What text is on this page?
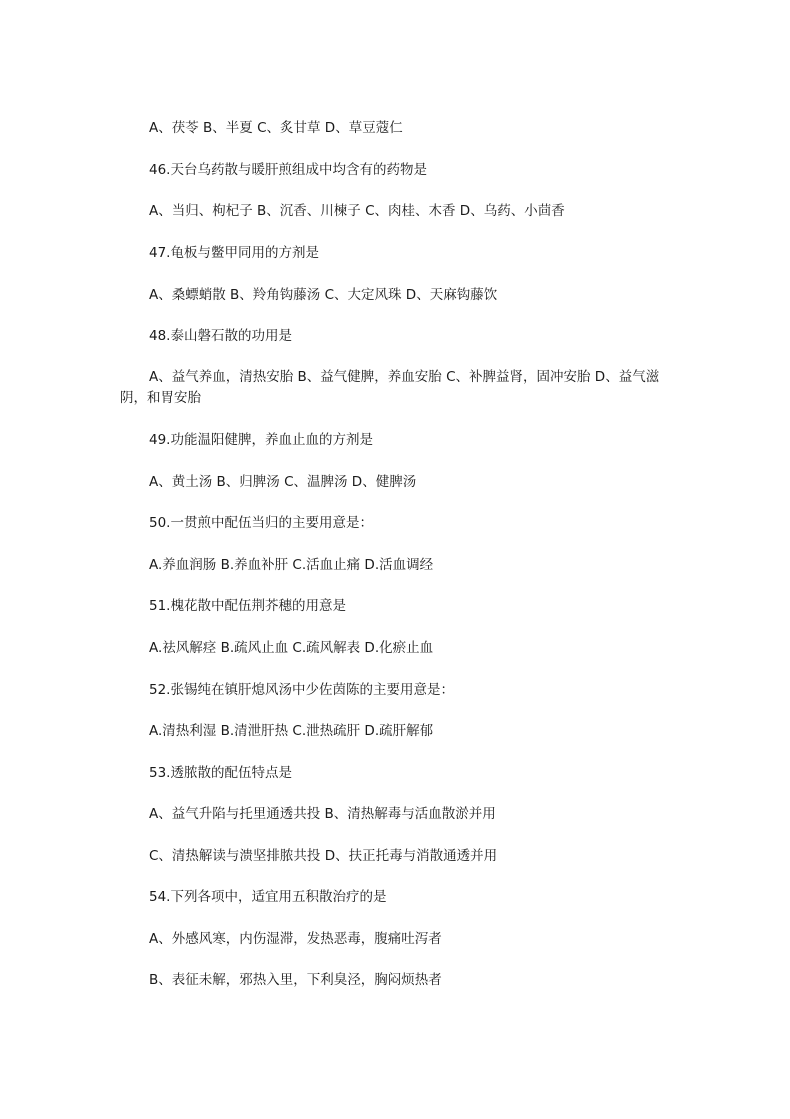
A、茯苓 B、半夏 C、炙甘草 D、草豆蔻仁
46.天台乌药散与暖肝煎组成中均含有的药物是
A、当归、枸杞子 B、沉香、川楝子 C、肉桂、木香 D、乌药、小茴香
47.龟板与鳖甲同用的方剂是
A、桑螵蛸散 B、羚角钩藤汤 C、大定风珠 D、天麻钩藤饮
48.泰山磐石散的功用是
A、益气养血，清热安胎 B、益气健脾，养血安胎 C、补脾益肾，固冲安胎 D、益气滋阴，和胃安胎
49.功能温阳健脾，养血止血的方剂是
A、黄土汤 B、归脾汤 C、温脾汤 D、健脾汤
50.一贯煎中配伍当归的主要用意是：
A.养血润肠 B.养血补肝 C.活血止痛 D.活血调经
51.槐花散中配伍荆芥穗的用意是
A.祛风解痉 B.疏风止血 C.疏风解表 D.化瘀止血
52.张锡纯在镇肝熄风汤中少佐茵陈的主要用意是：
A.清热利湿 B.清泄肝热 C.泄热疏肝 D.疏肝解郁
53.透脓散的配伍特点是
A、益气升陷与托里通透共投 B、清热解毒与活血散淤并用
C、清热解读与溃坚排脓共投 D、扶正托毒与消散通透并用
54.下列各项中，适宜用五积散治疗的是
A、外感风寒，内伤湿滞，发热恶毒，腹痛吐泻者
B、表征未解，邪热入里，下利臭泾，胸闷烦热者
